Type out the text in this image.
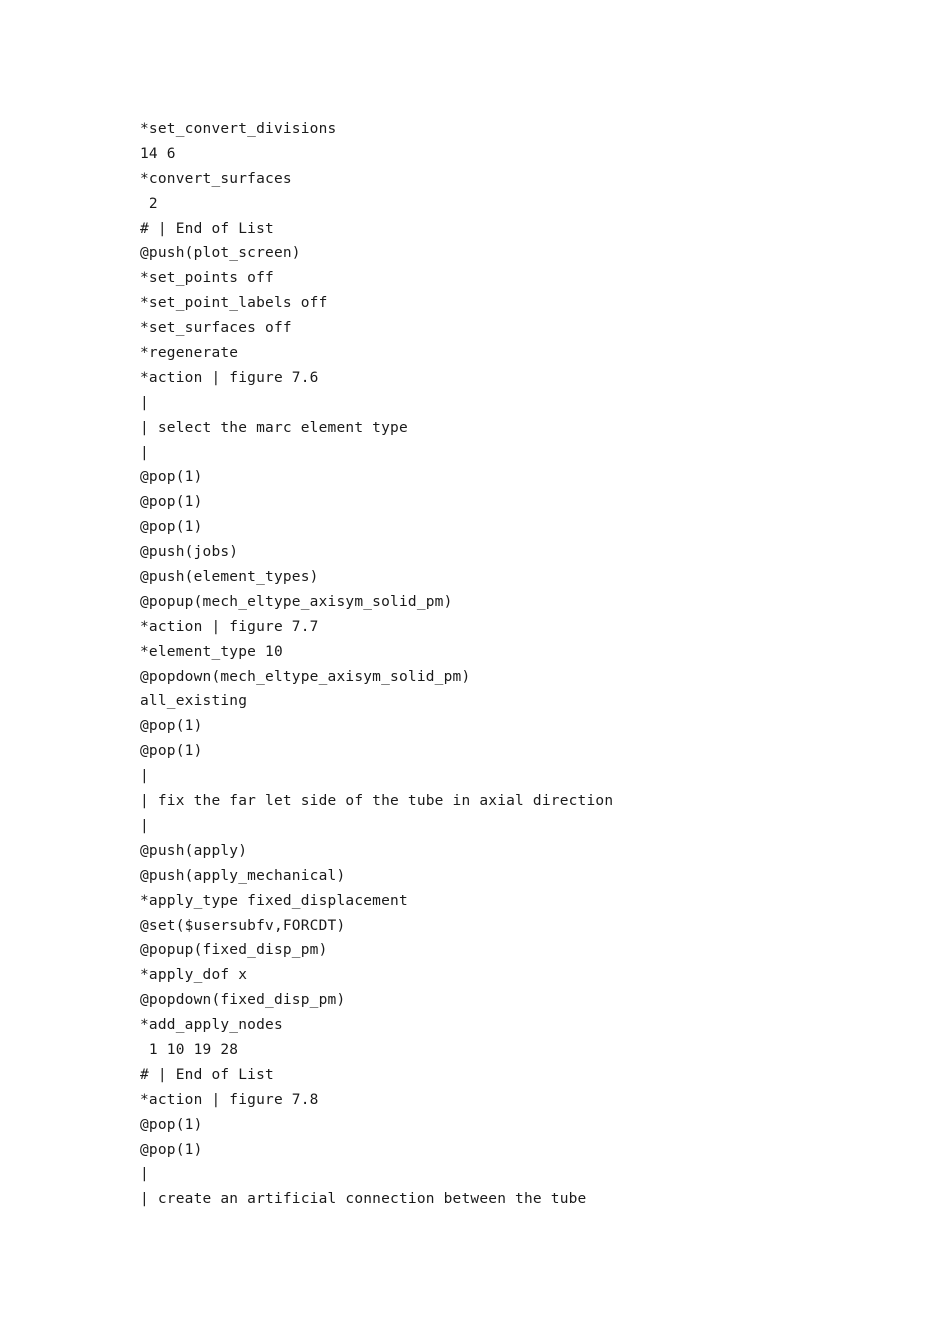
*set_convert_divisions
14 6
*convert_surfaces
2
# | End of List
@push(plot_screen)
*set_points off
*set_point_labels off
*set_surfaces off
*regenerate
*action | figure 7.6
|
| select the marc element type
|
@pop(1)
@pop(1)
@pop(1)
@push(jobs)
@push(element_types)
@popup(mech_eltype_axisym_solid_pm)
*action | figure 7.7
*element_type 10
@popdown(mech_eltype_axisym_solid_pm)
all_existing
@pop(1)
@pop(1)
|
| fix the far let side of the tube in axial direction
|
@push(apply)
@push(apply_mechanical)
*apply_type fixed_displacement
@set($usersubfv,FORCDT)
@popup(fixed_disp_pm)
*apply_dof x
@popdown(fixed_disp_pm)
*add_apply_nodes
1 10 19 28
# | End of List
*action | figure 7.8
@pop(1)
@pop(1)
|
| create an artificial connection between the tube
